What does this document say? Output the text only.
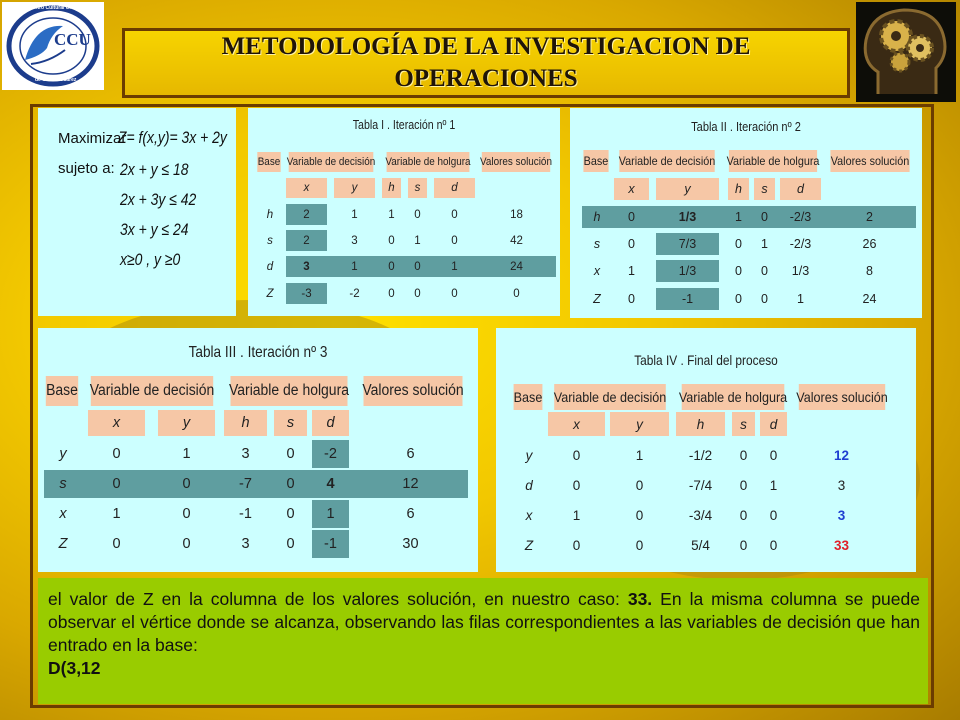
CCU
Centro Cultural Universitario
de Ciudad Juárez
METODOLOGÍA DE LA INVESTIGACION DE OPERACIONES
Maximizar
sujeto a:
Z= f(x,y)= 3x + 2y
2x + y ≤ 18
2x + 3y ≤ 42
3x + y ≤ 24
x≥0 , y ≥0
Tabla I . Iteración nº 1
Base Variable de decisión Variable de holgura Valores solución
x	y	h	s	d
h	2	1	1	0	0	18
s	2	3	0	1	0	42
d	3	1	0	0	1	24
Z	-3	-2	0	0	0	0
Tabla II . Iteración nº 2
Base Variable de decisión Variable de holgura Valores solución
x	y	h	s	d
h	0	1/3	1	0	-2/3	2
s	0	7/3	0	1	-2/3	26
x	1	1/3	0	0	1/3	8
Z	0	-1	0	0	1	24
Tabla III . Iteración nº 3
Base Variable de decisión Variable de holgura Valores solución
x	y	h	s	d
y	0	1	3	0	-2	6
s	0	0	-7	0	4	12
x	1	0	-1	0	1	6
Z	0	0	3	0	-1	30
Tabla IV . Final del proceso
Base Variable de decisión Variable de holgura Valores solución
x	y	h	s	d
y	0	1	-1/2	0	0	12
d	0	0	-7/4	0	1	3
x	1	0	-3/4	0	0	3
Z	0	0	5/4	0	0	33
el valor de Z en la columna de los valores solución, en nuestro caso: 33. En la misma columna se puede observar el vértice donde se alcanza, observando las filas correspondientes a las variables de decisión que han entrado en la base:
D(3,12
